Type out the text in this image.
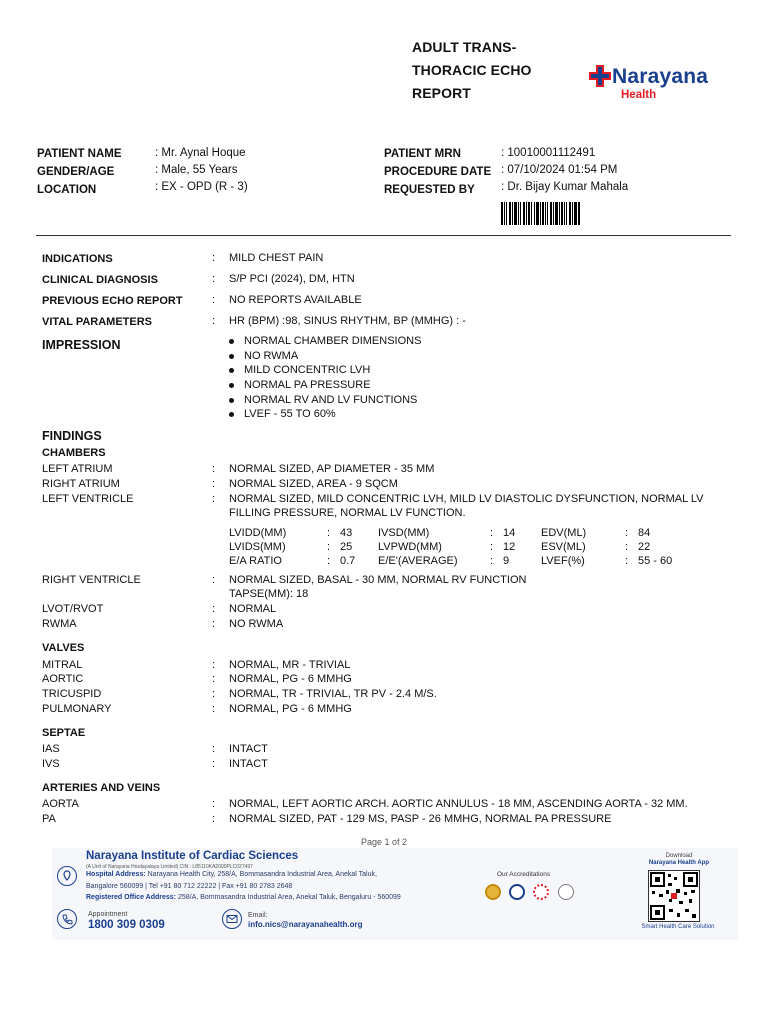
ADULT TRANS-
THORACIC ECHO
REPORT
Narayana
Health
PATIENT NAME	: Mr. Aynal Hoque
GENDER/AGE	: Male, 55 Years
LOCATION	: EX - OPD (R - 3)
PATIENT MRN	: 10010001112491
PROCEDURE DATE : 07/10/2024 01:54 PM
REQUESTED BY : Dr. Bijay Kumar Mahala
INDICATIONS	: MILD CHEST PAIN
CLINICAL DIAGNOSIS	: S/P PCI (2024), DM, HTN
PREVIOUS ECHO REPORT	: NO REPORTS AVAILABLE
VITAL PARAMETERS	: HR (BPM) :98, SINUS RHYTHM, BP (MMHG) : -
IMPRESSION	NORMAL CHAMBER DIMENSIONS
NO RWMA
MILD CONCENTRIC LVH
NORMAL PA PRESSURE
NORMAL RV AND LV FUNCTIONS
LVEF - 55 TO 60%
FINDINGS
CHAMBERS
LEFT ATRIUM	: NORMAL SIZED, AP DIAMETER - 35 MM
RIGHT ATRIUM	: NORMAL SIZED, AREA - 9 SQCM
LEFT VENTRICLE	: NORMAL SIZED, MILD CONCENTRIC LVH, MILD LV DIASTOLIC DYSFUNCTION, NORMAL LV
FILLING PRESSURE, NORMAL LV FUNCTION.
LVIDD(MM)	: 43 IVSD(MM)	: 14 EDV(ML)	: 84
LVIDS(MM)	: 25 LVPWD(MM)	: 12 ESV(ML)	: 22
E/A RATIO	: 0.7 E/E'(AVERAGE)	: 9	LVEF(%)	: 55 - 60
RIGHT VENTRICLE	: NORMAL SIZED, BASAL - 30 MM, NORMAL RV FUNCTION
TAPSE(MM): 18
LVOT/RVOT	: NORMAL
RWMA	: NO RWMA
VALVES
MITRAL	: NORMAL, MR - TRIVIAL
AORTIC	: NORMAL, PG - 6 MMHG
TRICUSPID	: NORMAL, TR - TRIVIAL, TR PV - 2.4 M/S.
PULMONARY	: NORMAL, PG - 6 MMHG
SEPTAE
IAS	: INTACT
IVS	: INTACT
ARTERIES AND VEINS
AORTA	: NORMAL, LEFT AORTIC ARCH. AORTIC ANNULUS - 18 MM, ASCENDING AORTA - 32 MM.
PA	: NORMAL SIZED, PAT - 129 MS, PASP - 26 MMHG, NORMAL PA PRESSURE
Page 1 of 2
Narayana Institute of Cardiac Sciences
(A Unit of Narayana Hrudayalaya Limited) CIN : L85110KA2000PLC027497
Hospital Address: Narayana Health City, 258/A, Bommasandra Industrial Area, Anekal Taluk,
Bangalore 560099 | Tel +91 80 712 22222 | Fax +91 80 2783 2648
Registered Office Address: 258/A, Bommasandra Industrial Area, Anekal Taluk, Bengaluru - 560099
Appointment
1800 309 0309
Email:
info.nics@narayanahealth.org
Our Accreditations
Download
Narayana Health App
Smart Health Care Solution
